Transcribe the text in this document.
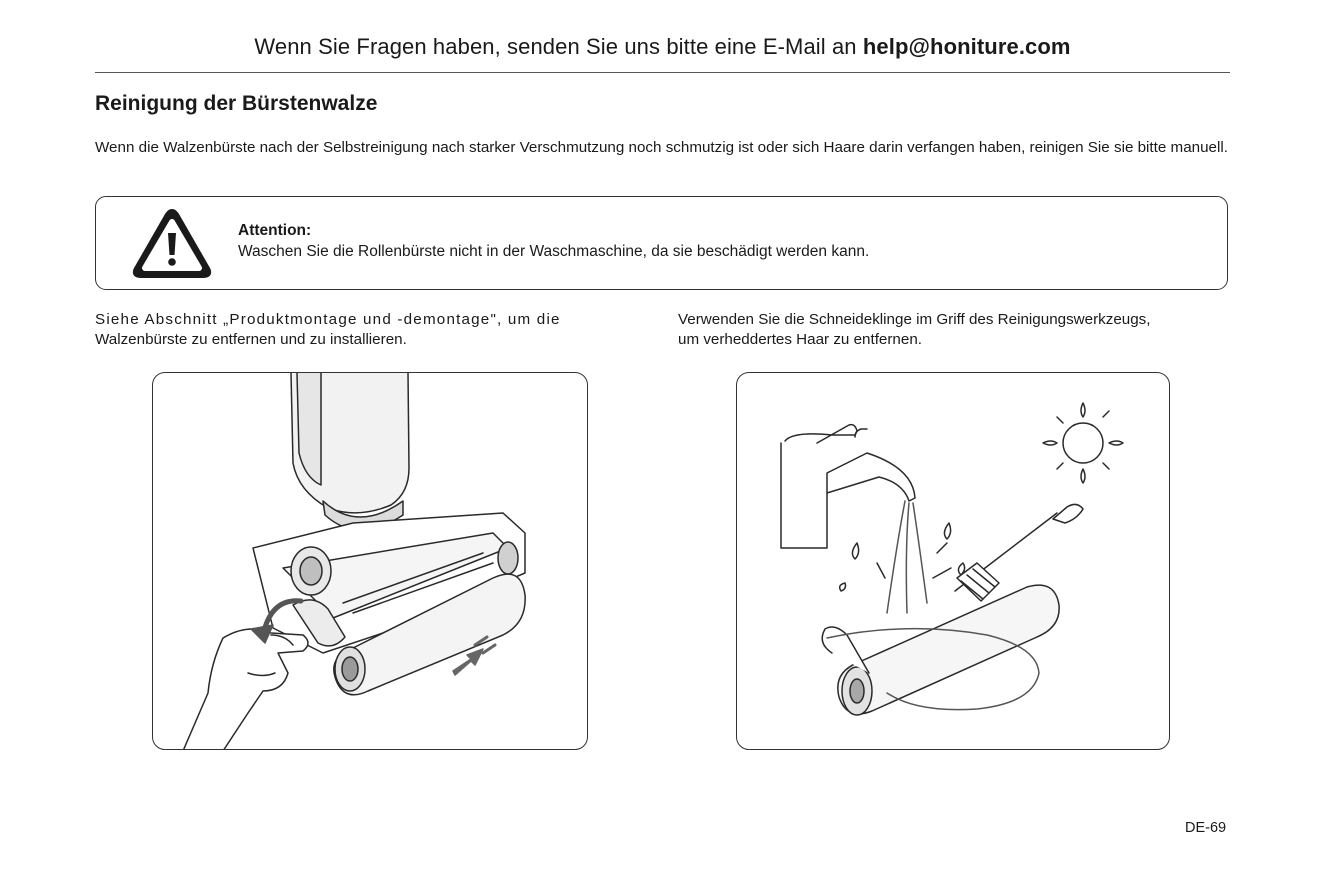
Wenn Sie Fragen haben, senden Sie uns bitte eine E-Mail an help@honiture.com
Reinigung der Bürstenwalze
Wenn die Walzenbürste nach der Selbstreinigung nach starker Verschmutzung noch schmutzig ist oder sich Haare darin verfangen haben, reinigen Sie sie bitte manuell.
Attention:
Waschen Sie die Rollenbürste nicht in der Waschmaschine, da sie beschädigt werden kann.
Siehe Abschnitt „Produktmontage und -demontage", um die
Walzenbürste zu entfernen und zu installieren.
Verwenden Sie die Schneideklinge im Griff des Reinigungswerkzeugs,
um verheddertes Haar zu entfernen.
DE-69
